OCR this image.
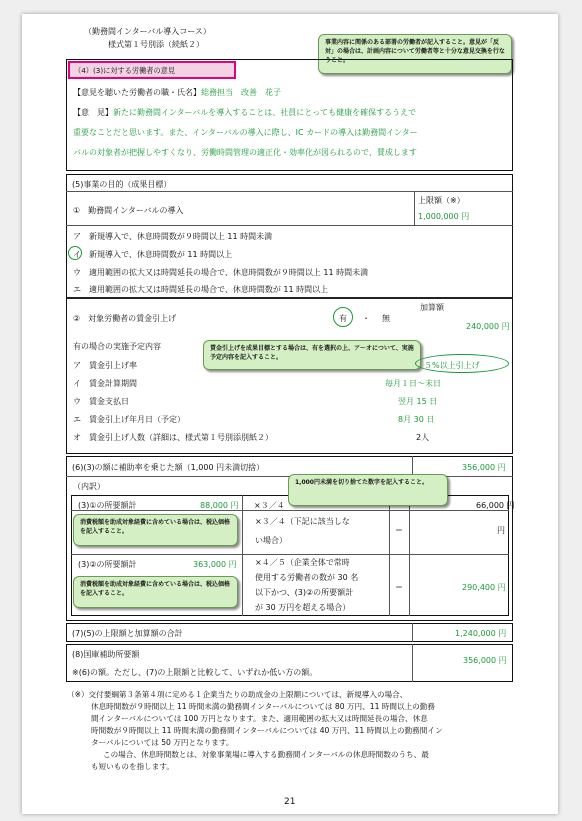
（勤務間インターバル導入コース）
様式第１号別添（続紙２）	事業内容に関係のある部署の労働者が記入すること。意見が「反対」の場合は、計画内容について労働者等と十分な意見交換を行なうこと。
（4）(3)に対する労働者の意見
【意見を聴いた労働者の職・氏名】総務担当　改善　花子
【意　見】新たに勤務間インターバルを導入することは、社員にとっても健康を確保するうえで
重要なことだと思います。また、インターバルの導入に際し、IC カードの導入は勤務間インター
バルの対象者が把握しやすくなり、労働時間管理の適正化・効率化が図られるので、賛成します
(5)事業の目的（成果目標）
①　勤務間インターバルの導入
上限額（※）
1,000,000 円
ア　 新規導入で、休息時間数が９時間以上 11 時間未満
イ　 新規導入で、休息時間数が 11 時間以上
ウ　 適用範囲の拡大又は時間延長の場合で、休息時間数が９時間以上 11 時間未満
エ　 適用範囲の拡大又は時間延長の場合で、休息時間数が 11 時間以上
②　対象労働者の賃金引上げ	有 ・ 無
加算額
240,000 円
賃金引上げを成果目標とする場合は、有を選択の上、ア～オについて、実施予定内容を記入すること。
有の場合の実施予定内容
ア　 賃金引上げ率	５%以上引上げ
イ　 賃金計算期間	毎月１日～末日
ウ　 賃金支払日	翌月 15 日
エ　 賃金引上げ年月日（予定）	8月 30 日
オ　 賃金引上げ人数（詳細は、様式第１号別添別紙２）	2人
(6)(3)の額に補助率を乗じた額（1,000 円未満切捨）	356,000 円
（内訳）
(3)①の所要額計	88,000 円 ×３／４	66,000 円
1,000円未満を切り捨てた数字を記入すること。
消費税額を助成対象経費に含めている場合は、税込価格を記入すること。
×３／４（下記に該当しな
い場合）
＝	円
(3)②の所要額計	363,000 円
消費税額を助成対象経費に含めている場合は、税込価格を記入すること。
×４／５（企業全体で常時
使用する労働者の数が 30 名
以下かつ、(3)②の所要額計
が 30 万円を超える場合）
＝	290,400 円
(7)(5)の上限額と加算額の合計	1,240,000 円
(8)国庫補助所要額
356,000 円
※(6)の額。ただし、(7)の上限額と比較して、いずれか低い方の額。
（※）交付要綱第３条第４項に定める１企業当たりの助成金の上限額については、新規導入の場合、
休息時間数が９時間以上 11 時間未満の勤務間インターバルについては 80 万円、11 時間以上の勤務
間インターバルについては 100 万円となります。また、適用範囲の拡大又は時間延長の場合、休息
時間数が９時間以上 11 時間未満の勤務間インターバルについては 40 万円、11 時間以上の勤務間イン
ターバルについては 50 万円となります。
この場合、休息時間数とは、対象事業場に導入する勤務間インターバルの休息時間数のうち、最
も短いものを指します。
21
